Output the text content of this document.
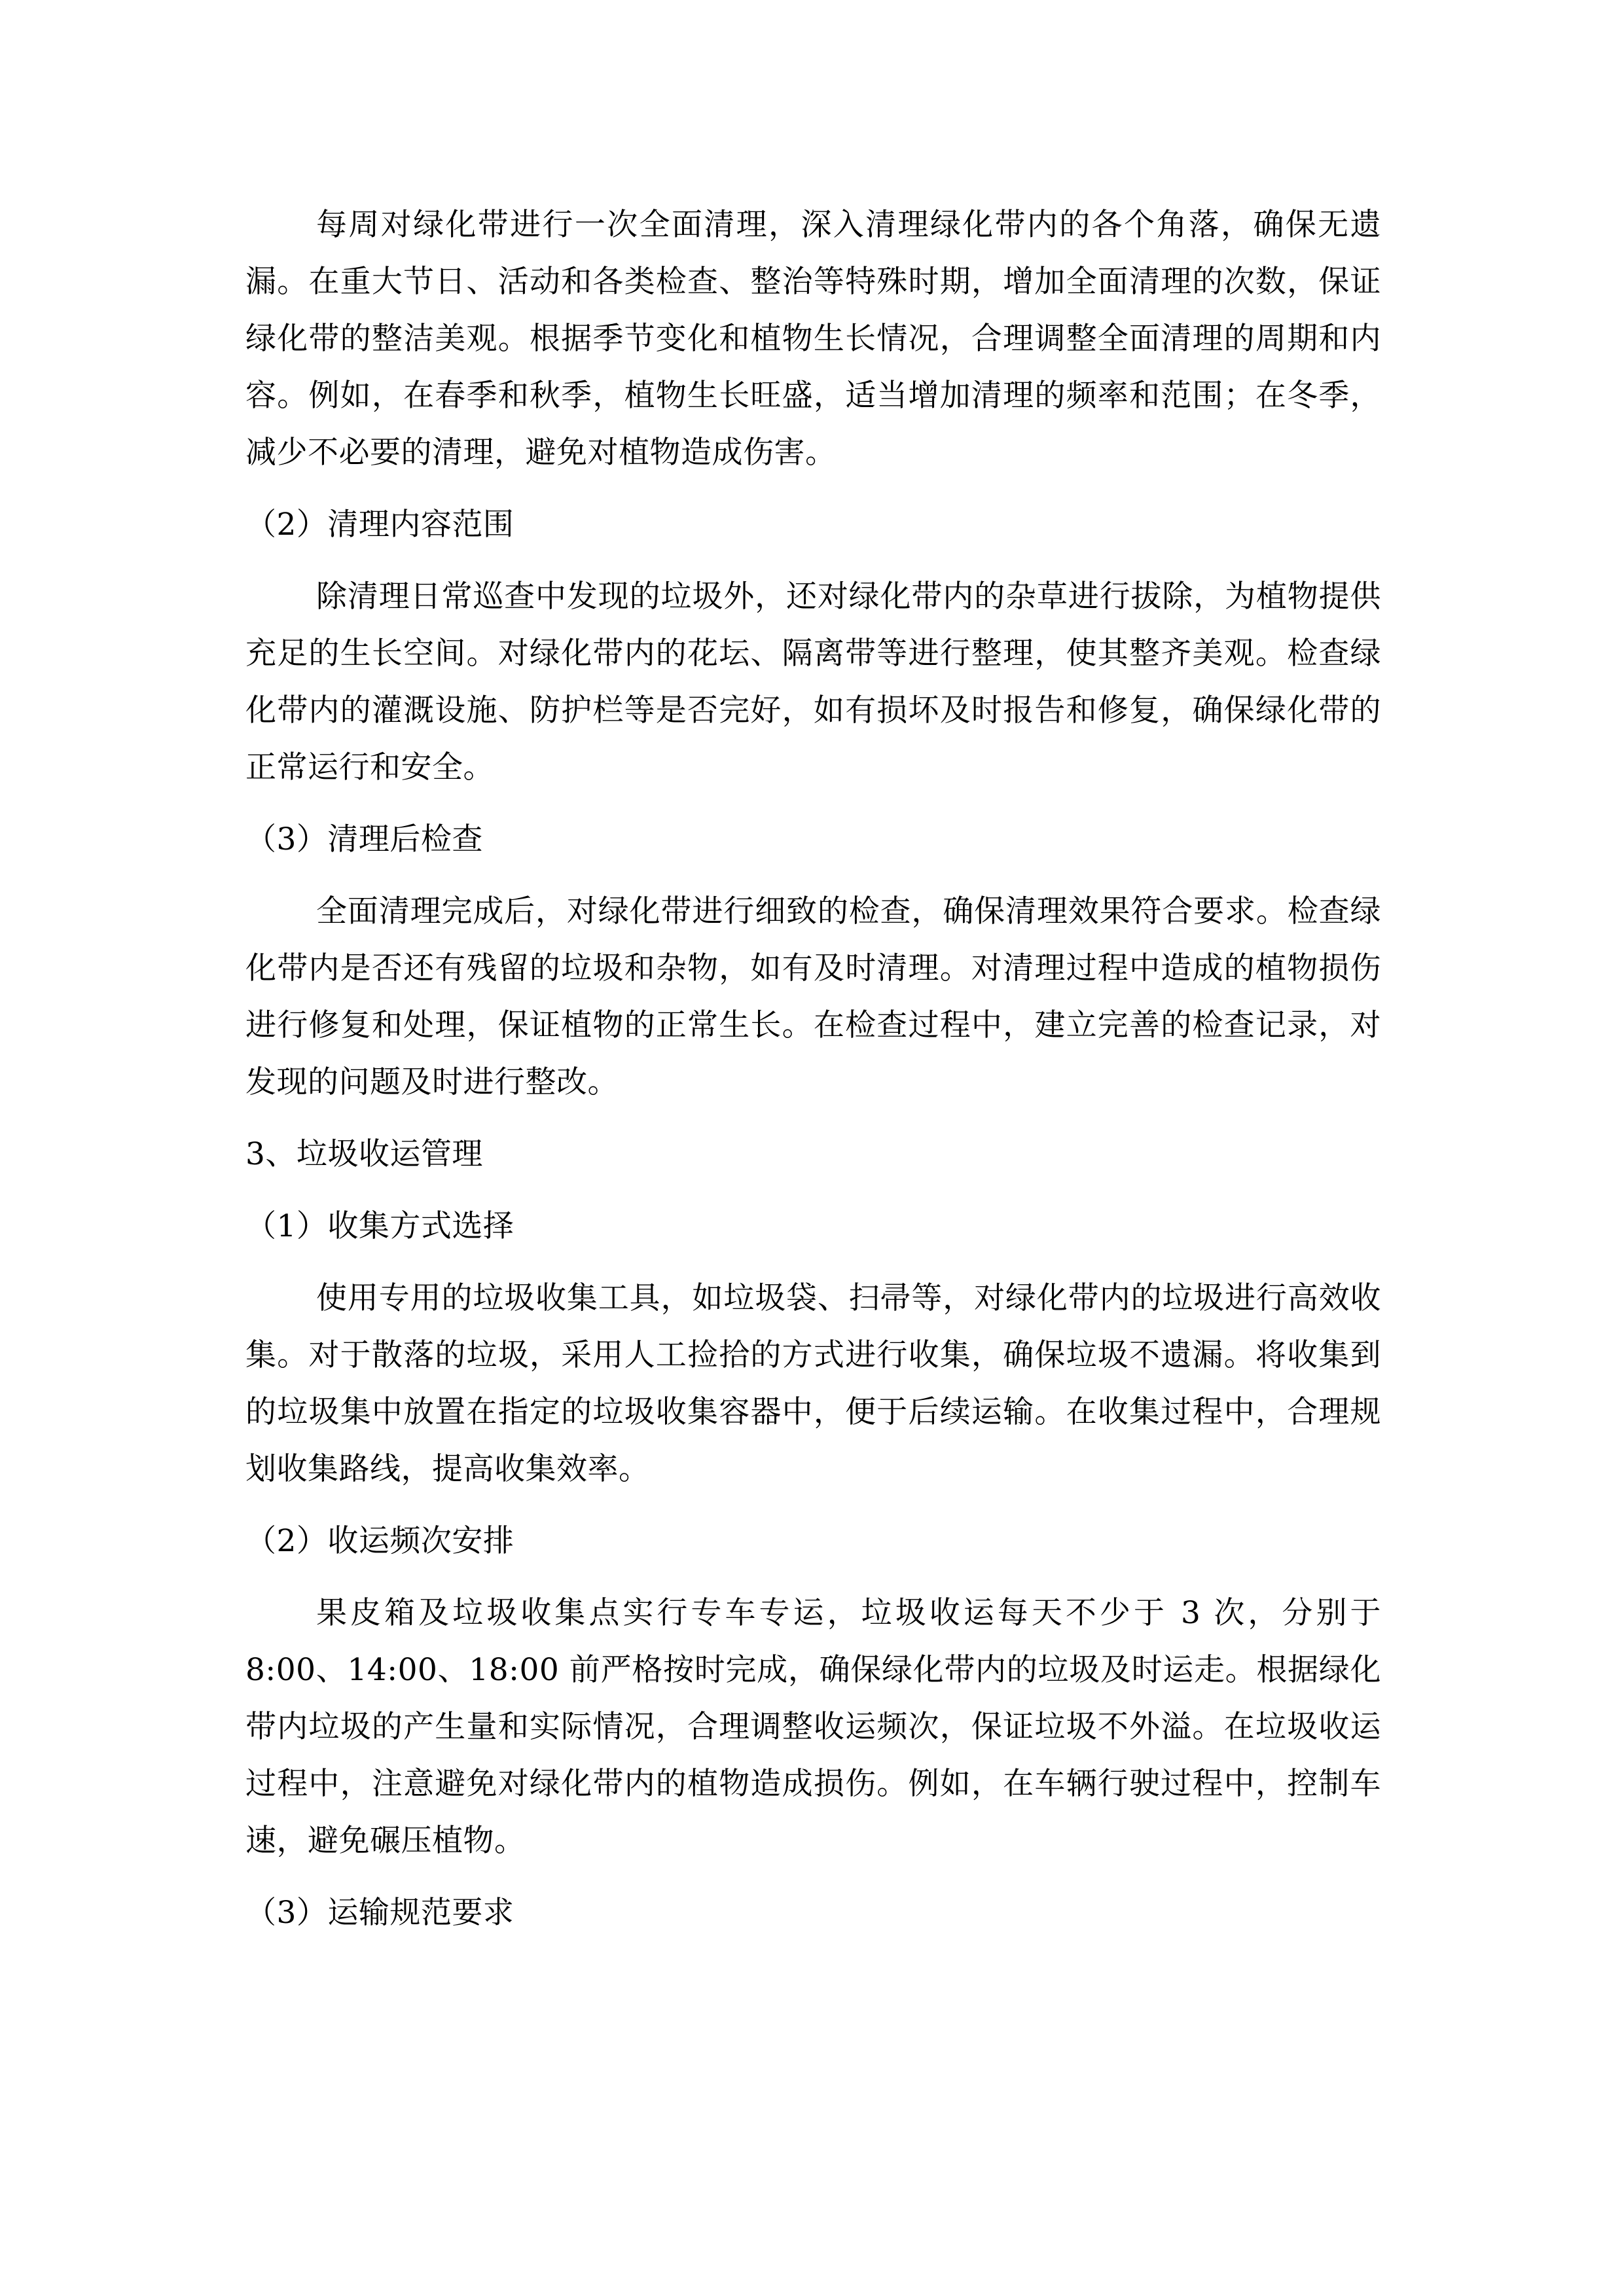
每周对绿化带进行一次全面清理，深入清理绿化带内的各个角落，确保无遗漏。在重大节日、活动和各类检查、整治等特殊时期，增加全面清理的次数，保证绿化带的整洁美观。根据季节变化和植物生长情况，合理调整全面清理的周期和内容。例如，在春季和秋季，植物生长旺盛，适当增加清理的频率和范围；在冬季，减少不必要的清理，避免对植物造成伤害。

（2）清理内容范围

除清理日常巡查中发现的垃圾外，还对绿化带内的杂草进行拔除，为植物提供充足的生长空间。对绿化带内的花坛、隔离带等进行整理，使其整齐美观。检查绿化带内的灌溉设施、防护栏等是否完好，如有损坏及时报告和修复，确保绿化带的正常运行和安全。

（3）清理后检查

全面清理完成后，对绿化带进行细致的检查，确保清理效果符合要求。检查绿化带内是否还有残留的垃圾和杂物，如有及时清理。对清理过程中造成的植物损伤进行修复和处理，保证植物的正常生长。在检查过程中，建立完善的检查记录，对发现的问题及时进行整改。

3、垃圾收运管理

（1）收集方式选择

使用专用的垃圾收集工具，如垃圾袋、扫帚等，对绿化带内的垃圾进行高效收集。对于散落的垃圾，采用人工捡拾的方式进行收集，确保垃圾不遗漏。将收集到的垃圾集中放置在指定的垃圾收集容器中，便于后续运输。在收集过程中，合理规划收集路线，提高收集效率。

（2）收运频次安排

果皮箱及垃圾收集点实行专车专运，垃圾收运每天不少于 3 次，分别于 8:00、14:00、18:00 前严格按时完成，确保绿化带内的垃圾及时运走。根据绿化带内垃圾的产生量和实际情况，合理调整收运频次，保证垃圾不外溢。在垃圾收运过程中，注意避免对绿化带内的植物造成损伤。例如，在车辆行驶过程中，控制车速，避免碾压植物。

（3）运输规范要求
